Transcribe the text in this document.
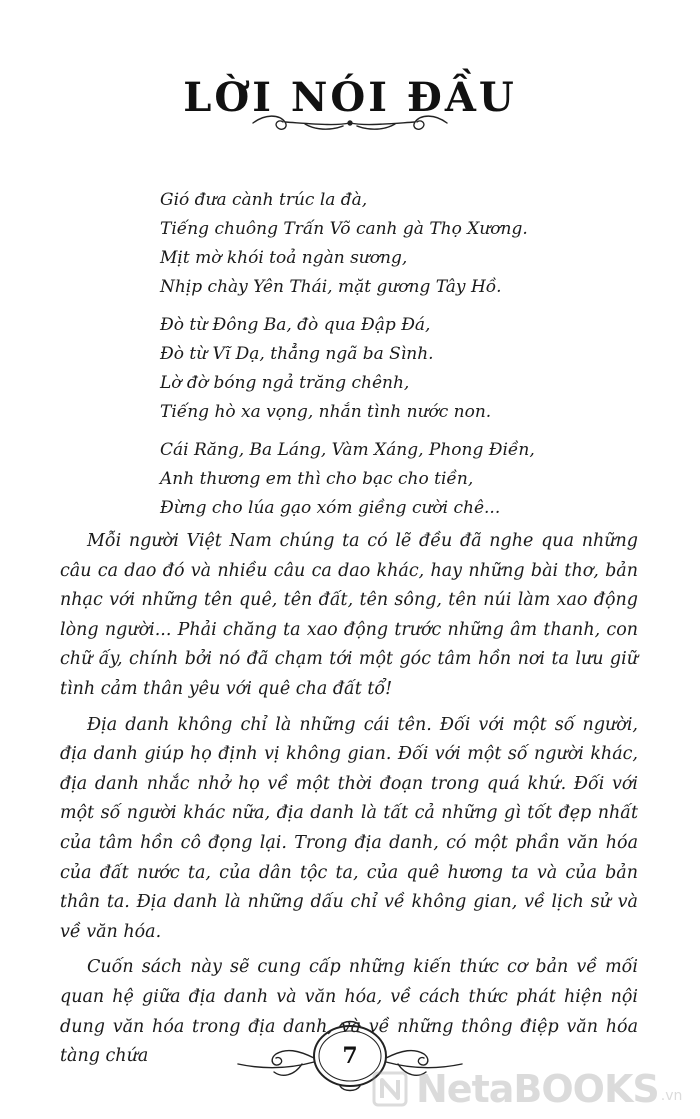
LỜI NÓI ĐẦU
Gió đưa cành trúc la đà,
Tiếng chuông Trấn Võ canh gà Thọ Xương.
Mịt mờ khói toả ngàn sương,
Nhịp chày Yên Thái, mặt gương Tây Hồ.
Đò từ Đông Ba, đò qua Đập Đá,
Đò từ Vĩ Dạ, thẳng ngã ba Sình.
Lờ đờ bóng ngả trăng chênh,
Tiếng hò xa vọng, nhắn tình nước non.
Cái Răng, Ba Láng, Vàm Xáng, Phong Điền,
Anh thương em thì cho bạc cho tiền,
Đừng cho lúa gạo xóm giềng cười chê...

Mỗi người Việt Nam chúng ta có lẽ đều đã nghe qua những câu ca dao đó và nhiều câu ca dao khác, hay những bài thơ, bản nhạc với những tên quê, tên đất, tên sông, tên núi làm xao động lòng người... Phải chăng ta xao động trước những âm thanh, con chữ ấy, chính bởi nó đã chạm tới một góc tâm hồn nơi ta lưu giữ tình cảm thân yêu với quê cha đất tổ!

Địa danh không chỉ là những cái tên. Đối với một số người, địa danh giúp họ định vị không gian. Đối với một số người khác, địa danh nhắc nhở họ về một thời đoạn trong quá khứ. Đối với một số người khác nữa, địa danh là tất cả những gì tốt đẹp nhất của tâm hồn cô đọng lại. Trong địa danh, có một phần văn hóa của đất nước ta, của dân tộc ta, của quê hương ta và của bản thân ta. Địa danh là những dấu chỉ về không gian, về lịch sử và về văn hóa.

Cuốn sách này sẽ cung cấp những kiến thức cơ bản về mối quan hệ giữa địa danh và văn hóa, về cách thức phát hiện nội dung văn hóa trong địa danh, và về những thông điệp văn hóa tàng chứa	7
NetaBOOKS .vn
